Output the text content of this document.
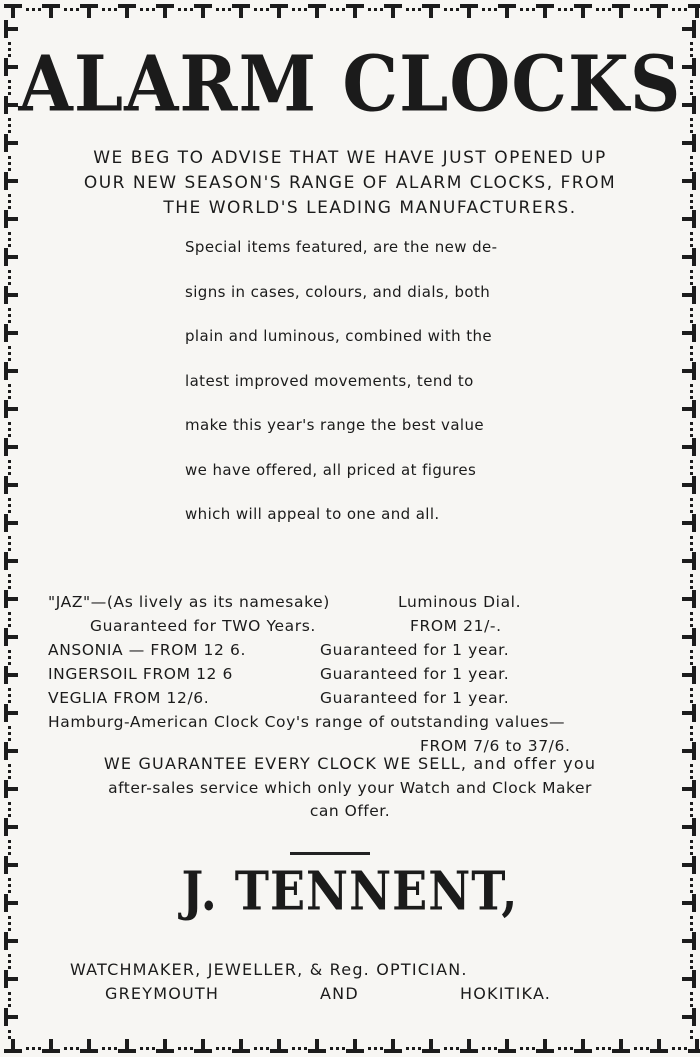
ALARM CLOCKS
WE BEG TO ADVISE THAT WE HAVE JUST OPENED UP
OUR NEW SEASON'S RANGE OF ALARM CLOCKS, FROM
THE WORLD'S LEADING MANUFACTURERS.
Special items featured, are the new de-
signs in cases, colours, and dials, both
plain and luminous, combined with the
latest improved movements, tend to
make this year's range the best value
we have offered, all priced at figures
which will appeal to one and all.
"JAZ"—(As lively as its namesake)	Luminous Dial.
Guaranteed for TWO Years.	FROM 21/-.
ANSONIA — FROM 12 6.	Guaranteed for 1 year.
INGERSOIL FROM 12 6	Guaranteed for 1 year.
VEGLIA FROM 12/6.	Guaranteed for 1 year.
Hamburg-American Clock Coy's range of outstanding values—
FROM 7/6 to 37/6.
WE GUARANTEE EVERY CLOCK WE SELL, and offer you
after-sales service which only your Watch and Clock Maker
can Offer.
J. TENNENT,
WATCHMAKER, JEWELLER, & Reg. OPTICIAN.
GREYMOUTH	AND	HOKITIKA.
